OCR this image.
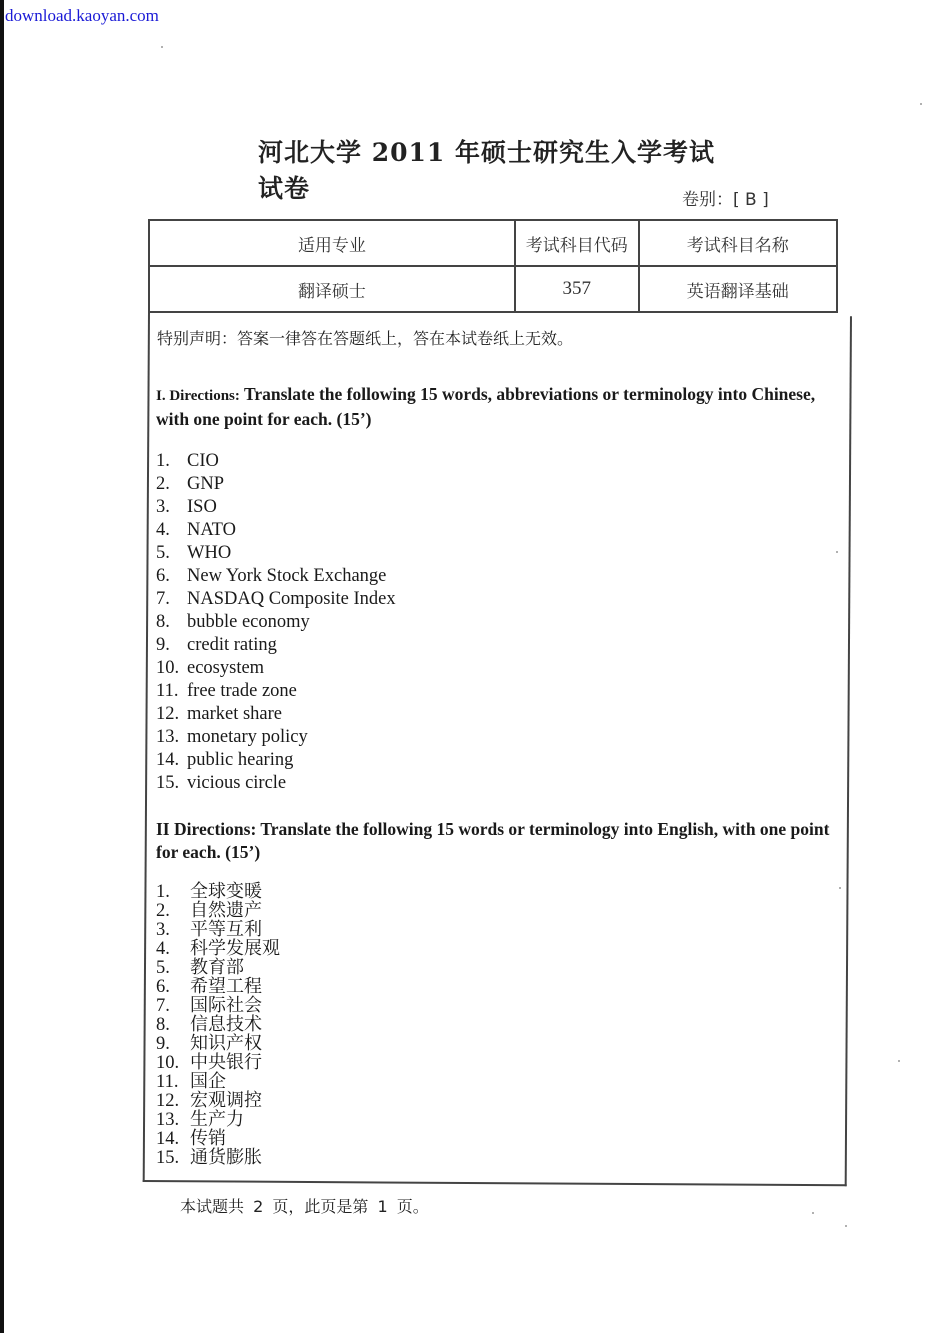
download.kaoyan.com
河北大学 2011 年硕士研究生入学考试试卷	卷别：[ B ]
适用专业	考试科目代码	考试科目名称
翻译硕士	357	英语翻译基础
特别声明：答案一律答在答题纸上，答在本试卷纸上无效。
I. Directions: Translate the following 15 words, abbreviations or terminology into Chinese, with one point for each. (15’)
1. CIO
2. GNP
3. ISO
4. NATO
5. WHO
6. New York Stock Exchange
7. NASDAQ Composite Index
8. bubble economy
9. credit rating
10. ecosystem
11. free trade zone
12. market share
13. monetary policy
14. public hearing
15. vicious circle
II Directions: Translate the following 15 words or terminology into English, with one point for each. (15’)
1. 全球变暖
2. 自然遗产
3. 平等互利
4. 科学发展观
5. 教育部
6. 希望工程
7. 国际社会
8. 信息技术
9. 知识产权
10. 中央银行
11. 国企
12. 宏观调控
13. 生产力
14. 传销
15. 通货膨胀
本试题共 2 页，此页是第 1 页。
